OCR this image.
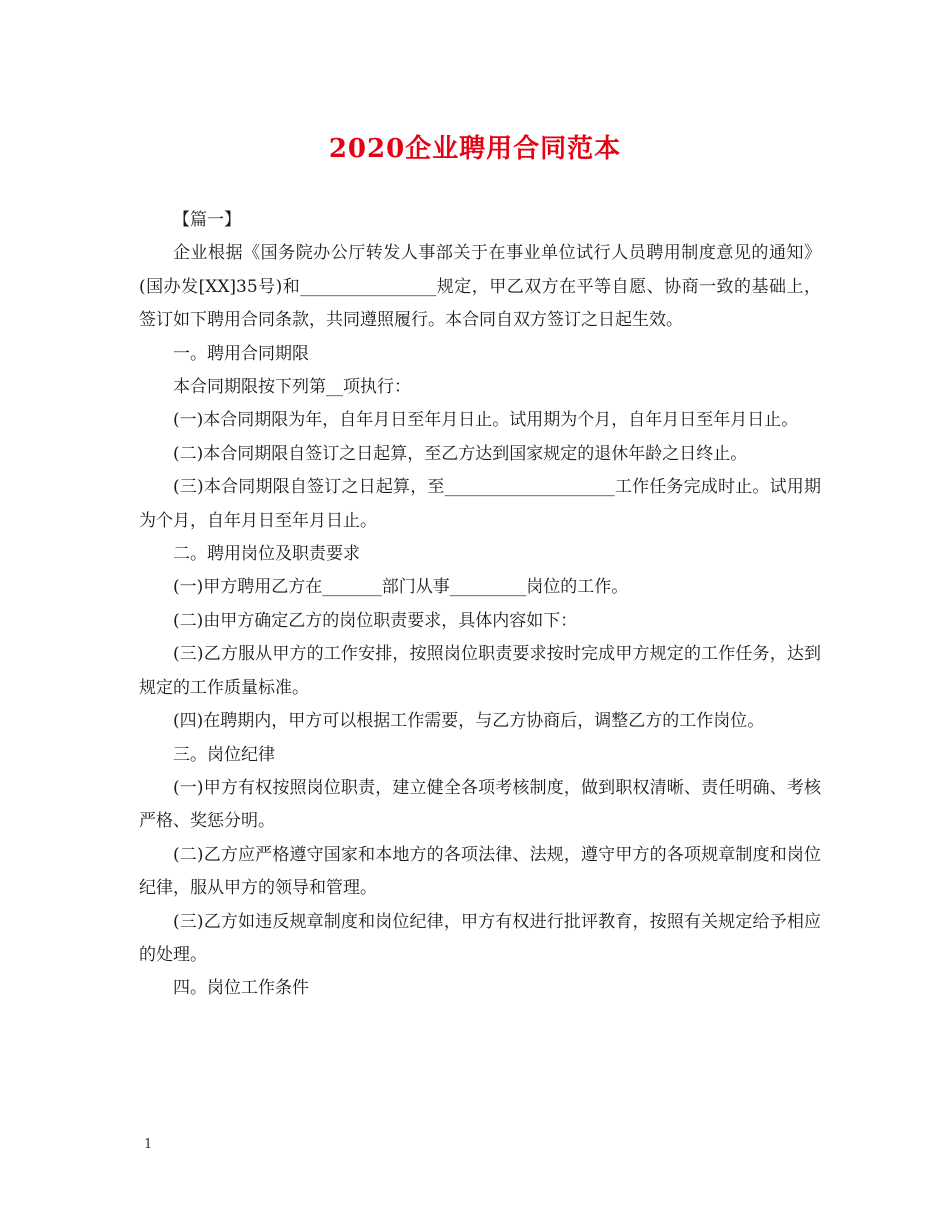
2020企业聘用合同范本

【篇一】

企业根据《国务院办公厅转发人事部关于在事业单位试行人员聘用制度意见的通知》(国办发[XX]35号)和________________规定，甲乙双方在平等自愿、协商一致的基础上，签订如下聘用合同条款，共同遵照履行。本合同自双方签订之日起生效。

一。聘用合同期限

本合同期限按下列第__项执行：

(一)本合同期限为年，自年月日至年月日止。试用期为个月，自年月日至年月日止。

(二)本合同期限自签订之日起算，至乙方达到国家规定的退休年龄之日终止。

(三)本合同期限自签订之日起算，至____________________工作任务完成时止。试用期为个月，自年月日至年月日止。

二。聘用岗位及职责要求

(一)甲方聘用乙方在_______部门从事_________岗位的工作。

(二)由甲方确定乙方的岗位职责要求，具体内容如下：

(三)乙方服从甲方的工作安排，按照岗位职责要求按时完成甲方规定的工作任务，达到规定的工作质量标准。

(四)在聘期内，甲方可以根据工作需要，与乙方协商后，调整乙方的工作岗位。

三。岗位纪律

(一)甲方有权按照岗位职责，建立健全各项考核制度，做到职权清晰、责任明确、考核严格、奖惩分明。

(二)乙方应严格遵守国家和本地方的各项法律、法规，遵守甲方的各项规章制度和岗位纪律，服从甲方的领导和管理。

(三)乙方如违反规章制度和岗位纪律，甲方有权进行批评教育，按照有关规定给予相应的处理。

四。岗位工作条件

1
